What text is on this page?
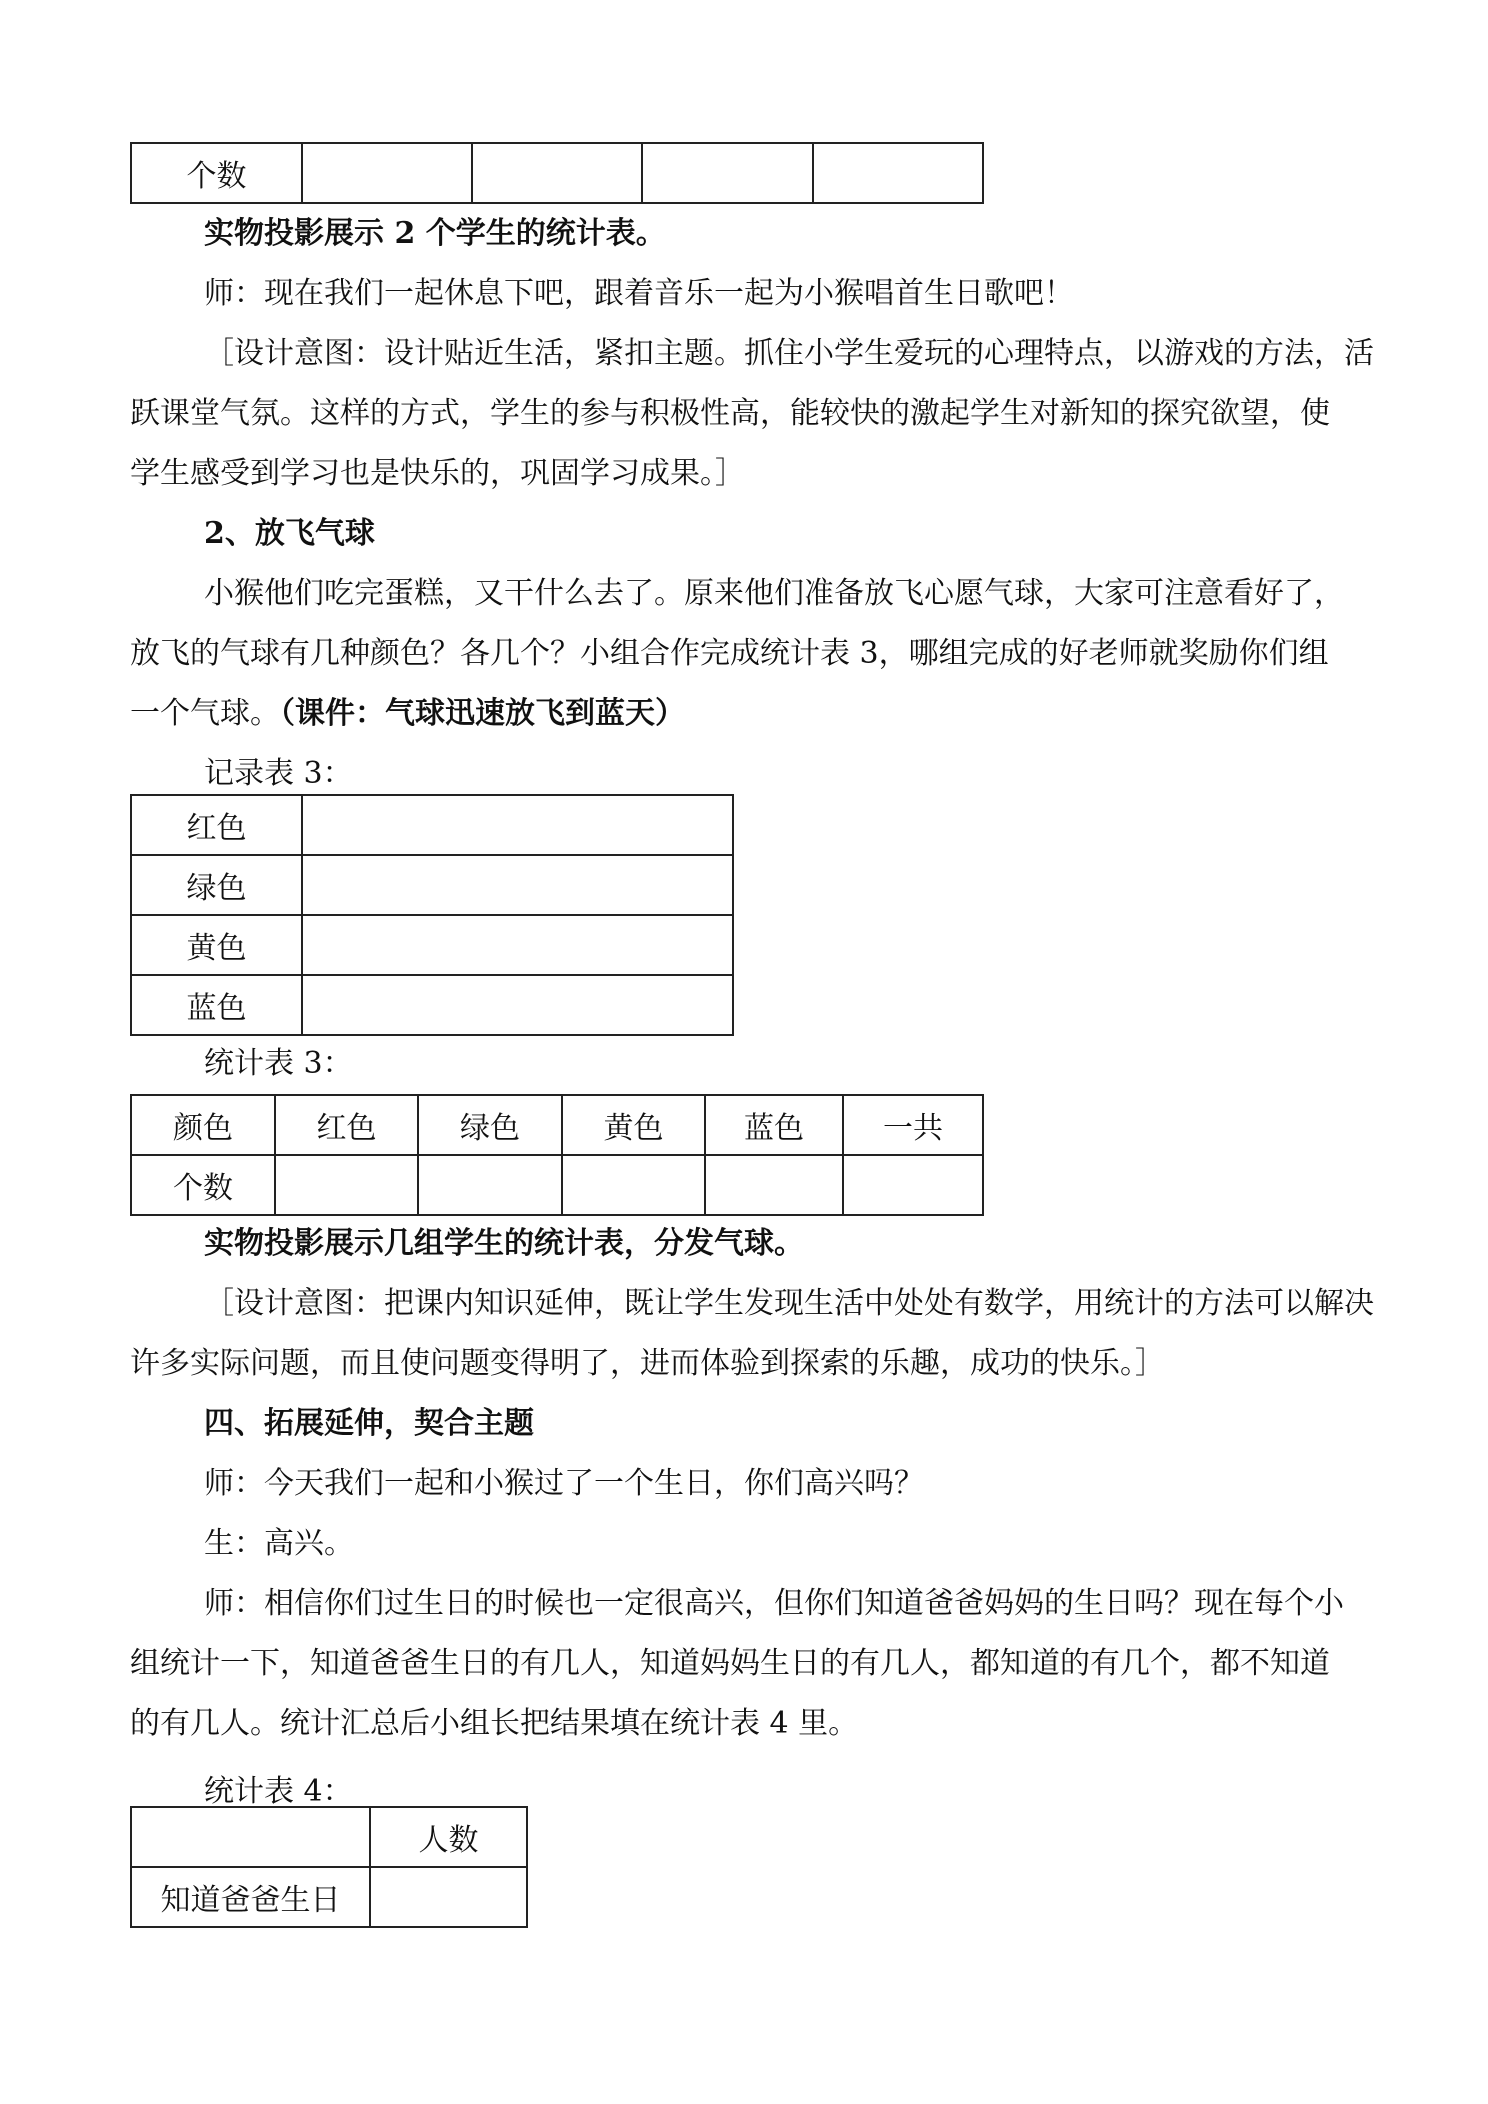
个数				
实物投影展示 2 个学生的统计表。
师：现在我们一起休息下吧，跟着音乐一起为小猴唱首生日歌吧！
［设计意图：设计贴近生活，紧扣主题。抓住小学生爱玩的心理特点，以游戏的方法，活
跃课堂气氛。这样的方式，学生的参与积极性高，能较快的激起学生对新知的探究欲望，使
学生感受到学习也是快乐的，巩固学习成果。］
2、放飞气球
小猴他们吃完蛋糕，又干什么去了。原来他们准备放飞心愿气球，大家可注意看好了，
放飞的气球有几种颜色？各几个？小组合作完成统计表 3，哪组完成的好老师就奖励你们组
一个气球。（课件：气球迅速放飞到蓝天）
记录表 3：
红色	
绿色	
黄色	
蓝色	
统计表 3：
颜色	红色	绿色	黄色	蓝色	一共
个数					
实物投影展示几组学生的统计表，分发气球。
［设计意图：把课内知识延伸，既让学生发现生活中处处有数学，用统计的方法可以解决
许多实际问题，而且使问题变得明了，进而体验到探索的乐趣，成功的快乐。］
四、拓展延伸，契合主题
师：今天我们一起和小猴过了一个生日，你们高兴吗？
生：高兴。
师：相信你们过生日的时候也一定很高兴，但你们知道爸爸妈妈的生日吗？现在每个小
组统计一下，知道爸爸生日的有几人，知道妈妈生日的有几人，都知道的有几个，都不知道
的有几人。统计汇总后小组长把结果填在统计表 4 里。
统计表 4：
	人数
知道爸爸生日	
